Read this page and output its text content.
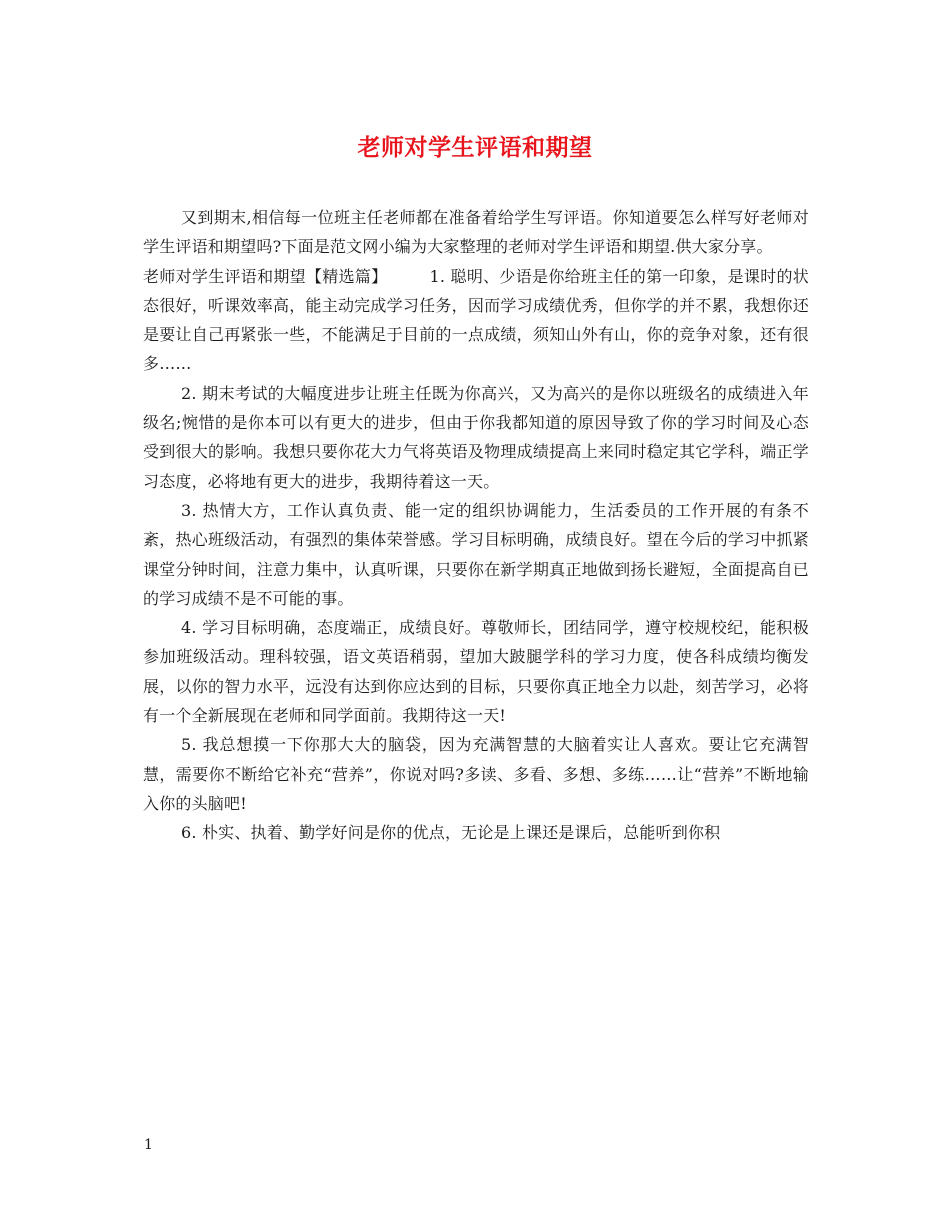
老师对学生评语和期望

又到期末,相信每一位班主任老师都在准备着给学生写评语。你知道要怎么样写好老师对学生评语和期望吗?下面是范文网小编为大家整理的老师对学生评语和期望.供大家分享。

老师对学生评语和期望【精选篇】	1. 聪明、少语是你给班主任的第一印象，是课时的状态很好，听课效率高，能主动完成学习任务，因而学习成绩优秀，但你学的并不累，我想你还是要让自己再紧张一些，不能满足于目前的一点成绩，须知山外有山，你的竞争对象，还有很多……

2. 期末考试的大幅度进步让班主任既为你高兴，又为高兴的是你以班级名的成绩进入年级名;惋惜的是你本可以有更大的进步，但由于你我都知道的原因导致了你的学习时间及心态受到很大的影响。我想只要你花大力气将英语及物理成绩提高上来同时稳定其它学科，端正学习态度，必将地有更大的进步，我期待着这一天。

3. 热情大方，工作认真负责、能一定的组织协调能力，生活委员的工作开展的有条不紊，热心班级活动，有强烈的集体荣誉感。学习目标明确，成绩良好。望在今后的学习中抓紧课堂分钟时间，注意力集中，认真听课，只要你在新学期真正地做到扬长避短，全面提高自已的学习成绩不是不可能的事。

4. 学习目标明确，态度端正，成绩良好。尊敬师长，团结同学，遵守校规校纪，能积极参加班级活动。理科较强，语文英语稍弱，望加大跛腿学科的学习力度，使各科成绩均衡发展，以你的智力水平，远没有达到你应达到的目标，只要你真正地全力以赴，刻苦学习，必将有一个全新展现在老师和同学面前。我期待这一天!

5. 我总想摸一下你那大大的脑袋，因为充满智慧的大脑着实让人喜欢。要让它充满智慧，需要你不断给它补充“营养”，你说对吗?多读、多看、多想、多练……让“营养”不断地输入你的头脑吧!

6. 朴实、执着、勤学好问是你的优点，无论是上课还是课后，总能听到你积

1
